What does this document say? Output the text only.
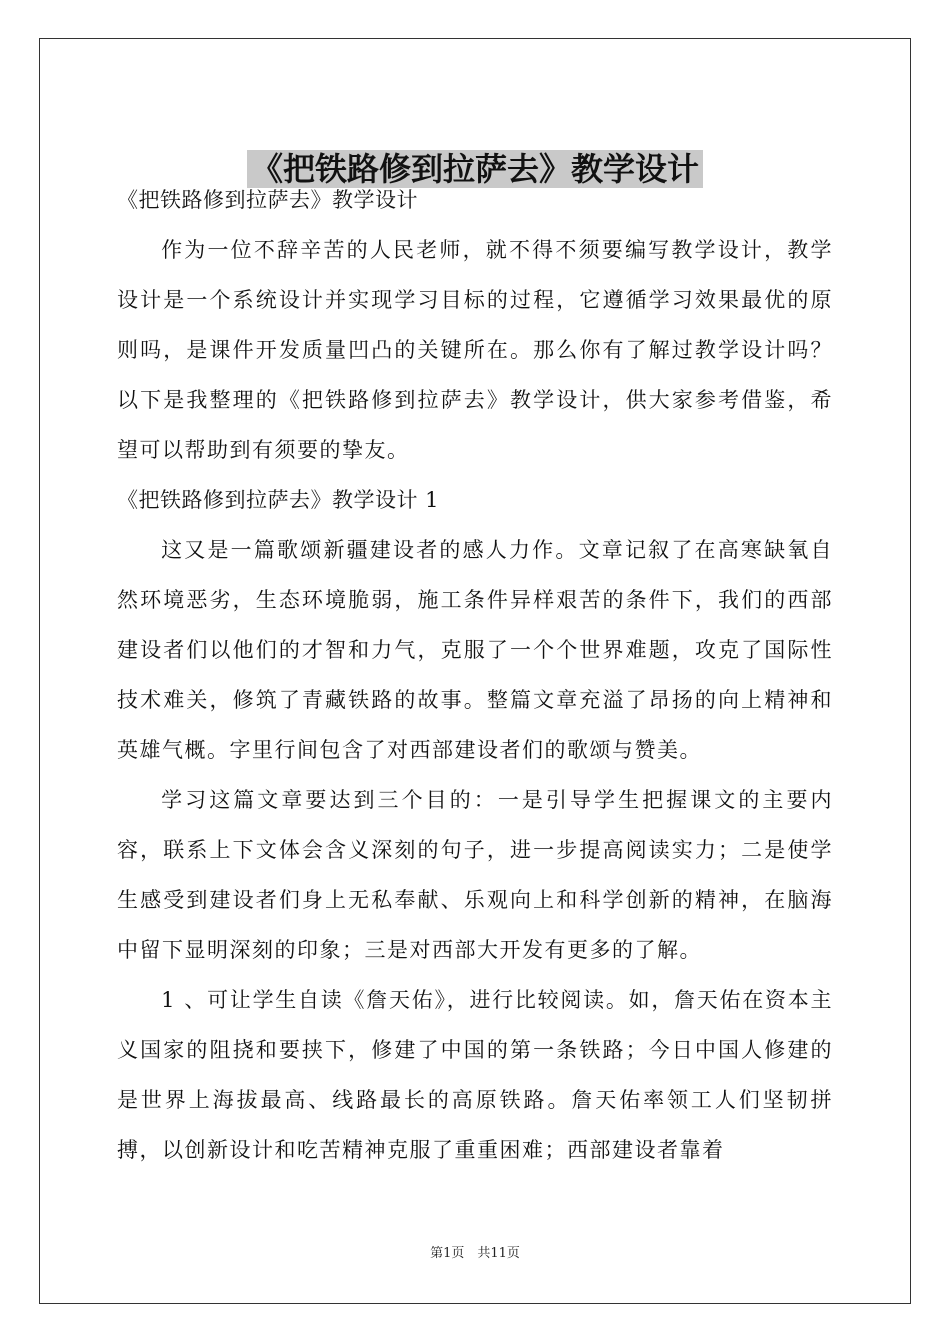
《把铁路修到拉萨去》教学设计

《把铁路修到拉萨去》教学设计

作为一位不辞辛苦的人民老师，就不得不须要编写教学设计，教学设计是一个系统设计并实现学习目标的过程，它遵循学习效果最优的原则吗，是课件开发质量凹凸的关键所在。那么你有了解过教学设计吗？以下是我整理的《把铁路修到拉萨去》教学设计，供大家参考借鉴，希望可以帮助到有须要的挚友。

《把铁路修到拉萨去》教学设计 1

这又是一篇歌颂新疆建设者的感人力作。文章记叙了在高寒缺氧自然环境恶劣，生态环境脆弱，施工条件异样艰苦的条件下，我们的西部建设者们以他们的才智和力气，克服了一个个世界难题，攻克了国际性技术难关，修筑了青藏铁路的故事。整篇文章充溢了昂扬的向上精神和英雄气概。字里行间包含了对西部建设者们的歌颂与赞美。

学习这篇文章要达到三个目的：一是引导学生把握课文的主要内容，联系上下文体会含义深刻的句子，进一步提高阅读实力；二是使学生感受到建设者们身上无私奉献、乐观向上和科学创新的精神，在脑海中留下显明深刻的印象；三是对西部大开发有更多的了解。

1 、可让学生自读《詹天佑》，进行比较阅读。如，詹天佑在资本主义国家的阻挠和要挟下，修建了中国的第一条铁路；今日中国人修建的是世界上海拔最高、线路最长的高原铁路。詹天佑率领工人们坚韧拼搏，以创新设计和吃苦精神克服了重重困难；西部建设者靠着

第1页　共11页
